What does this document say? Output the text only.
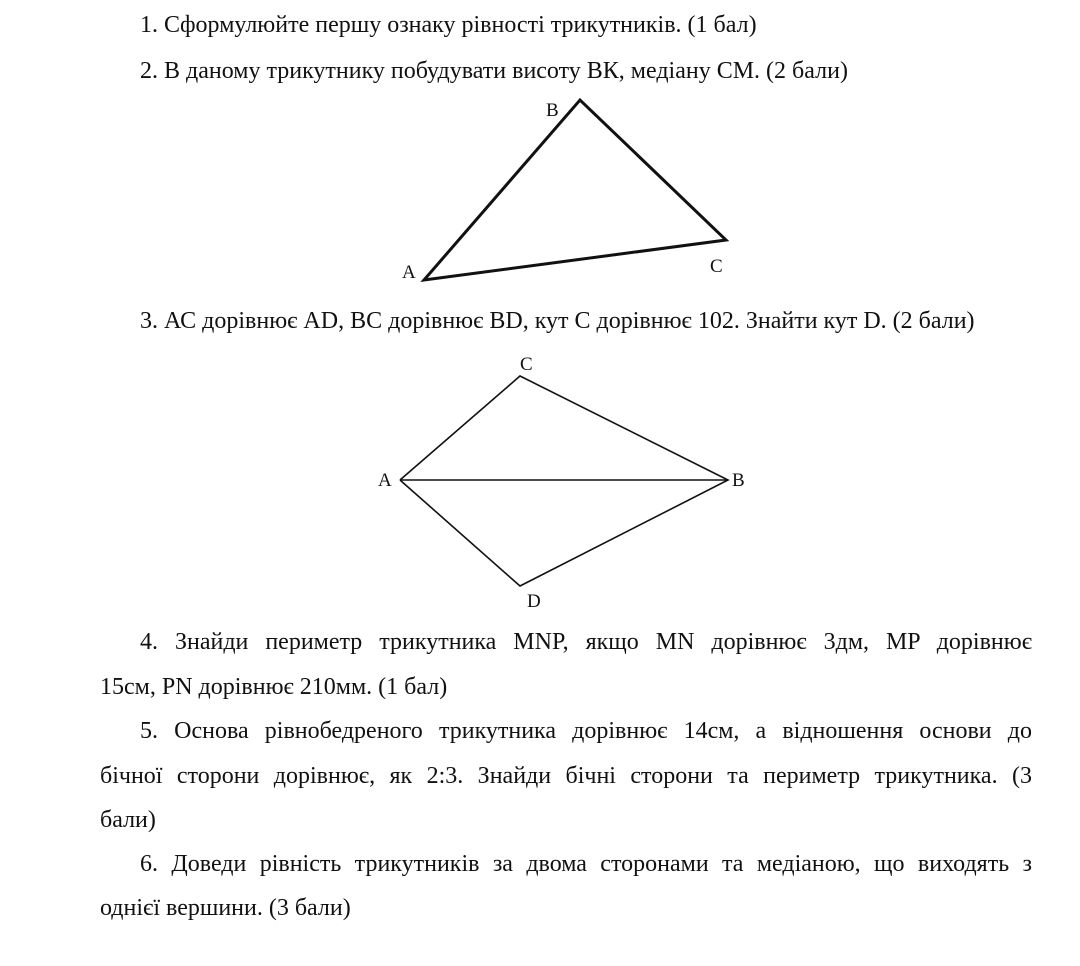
1. Сформулюйте першу ознаку рівності трикутників. (1 бал)
2. В даному трикутнику побудувати висоту ВК, медіану СМ. (2 бали)
B
A	C
3. АС дорівнює AD, ВС дорівнює BD, кут С дорівнює 102. Знайти кут D. (2 бали)
C
A	B
D
4. Знайди периметр трикутника MNP, якщо MN дорівнює 3дм, MP дорівнює
15см, PN дорівнює 210мм. (1 бал)
5. Основа рівнобедреного трикутника дорівнює 14см, а відношення основи до
бічної сторони дорівнює, як 2:3. Знайди бічні сторони та периметр трикутника. (3
бали)
6. Доведи рівність трикутників за двома сторонами та медіаною, що виходять з
однієї вершини. (3 бали)
